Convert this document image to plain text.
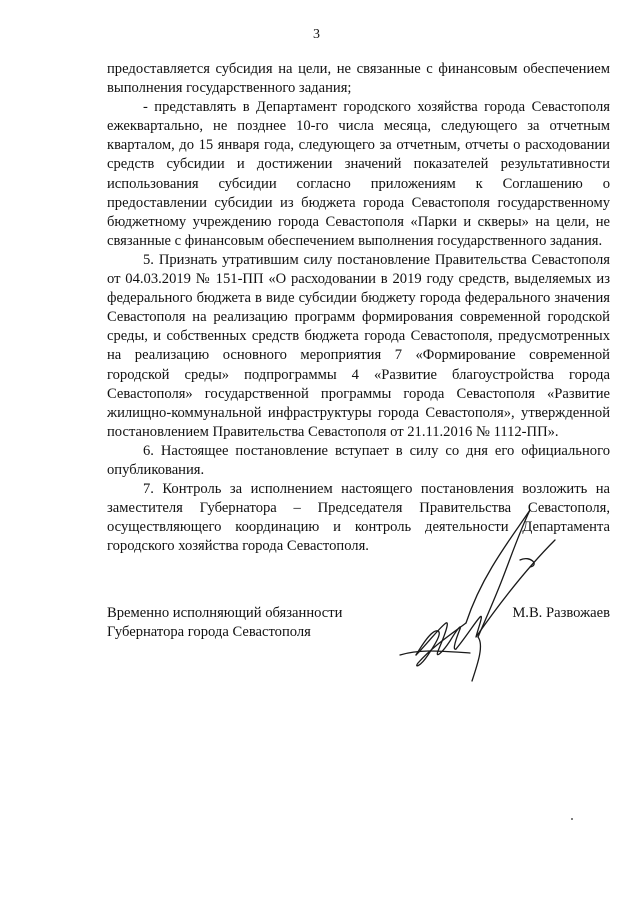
3

предоставляется субсидия на цели, не связанные с финансовым обеспечением выполнения государственного задания;

- представлять в Департамент городского хозяйства города Севастополя ежеквартально, не позднее 10-го числа месяца, следующего за отчетным кварталом, до 15 января года, следующего за отчетным, отчеты о расходовании средств субсидии и достижении значений показателей результативности использования субсидии согласно приложениям к Соглашению о предоставлении субсидии из бюджета города Севастополя государственному бюджетному учреждению города Севастополя «Парки и скверы» на цели, не связанные с финансовым обеспечением выполнения государственного задания.

5. Признать утратившим силу постановление Правительства Севастополя от 04.03.2019 № 151-ПП «О расходовании в 2019 году средств, выделяемых из федерального бюджета в виде субсидии бюджету города федерального значения Севастополя на реализацию программ формирования современной городской среды, и собственных средств бюджета города Севастополя, предусмотренных на реализацию основного мероприятия 7 «Формирование современной городской среды» подпрограммы 4 «Развитие благоустройства города Севастополя» государственной программы города Севастополя «Развитие жилищно-коммунальной инфраструктуры города Севастополя», утвержденной постановлением Правительства Севастополя от 21.11.2016 № 1112-ПП».

6. Настоящее постановление вступает в силу со дня его официального опубликования.

7. Контроль за исполнением настоящего постановления возложить на заместителя Губернатора – Председателя Правительства Севастополя, осуществляющего координацию и контроль деятельности Департамента городского хозяйства города Севастополя.

Временно исполняющий обязанности
Губернатора города Севастополя
М.В. Развожаев
